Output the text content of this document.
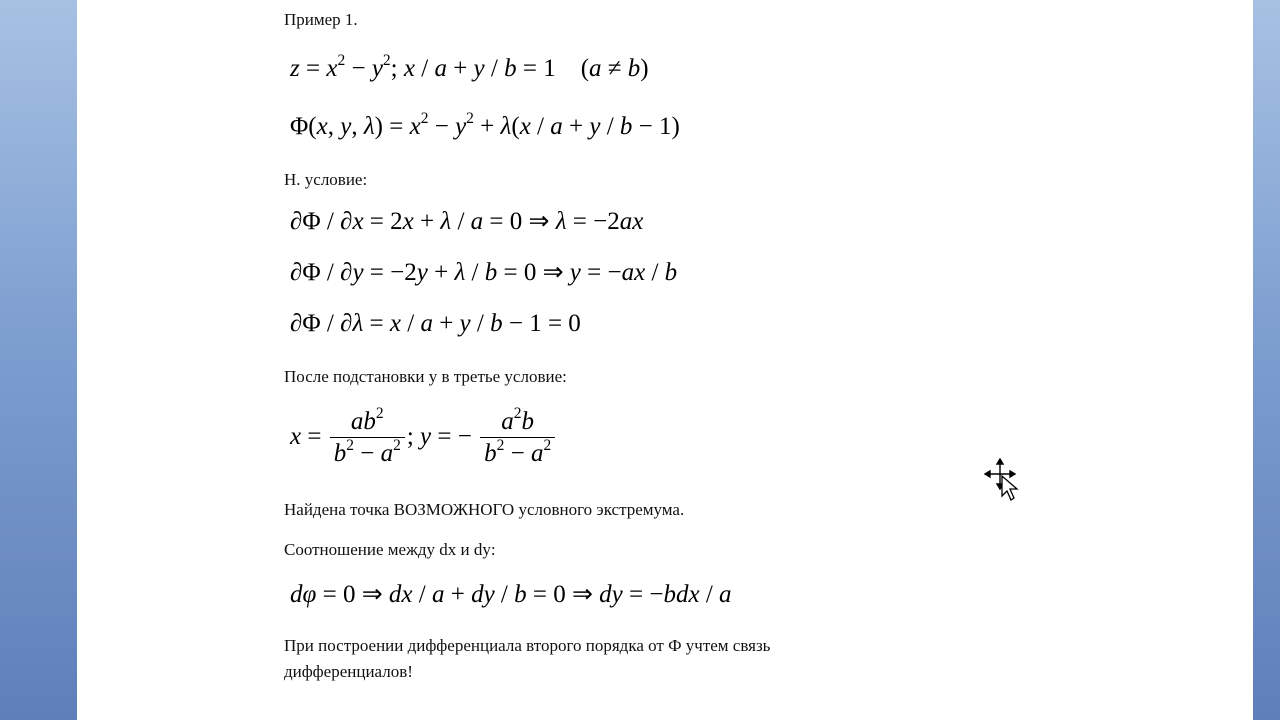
Пример 1.
$z = x^2 - y^2$; x / a + y / b = 1    (a ≠ b)
Φ(x, y, $\lambda) = x^2 - y^2 + \lambda(x / a + y / b - 1)$
Н. условие:
∂Φ / ∂x = 2x + λ / a = 0 ⇒ λ = −2ax
∂Φ / ∂y = −2y + λ / b = 0 ⇒ y = −ax / b
∂Φ / ∂λ = x / a + y / b − 1 = 0
После подстановки y в третье условие:
$x = \frac{ab^2}{b^2 - a^2}$ ; y = − $\frac{a^2b}{b^2 - a^2}$
Найдена точка ВОЗМОЖНОГО условного экстремума.
Соотношение между dx и dy:
dφ = 0 ⇒ dx / a + dy / b = 0 ⇒ dy = −bdx / a
При построении дифференциала второго порядка от Ф учтем связь
дифференциалов!
